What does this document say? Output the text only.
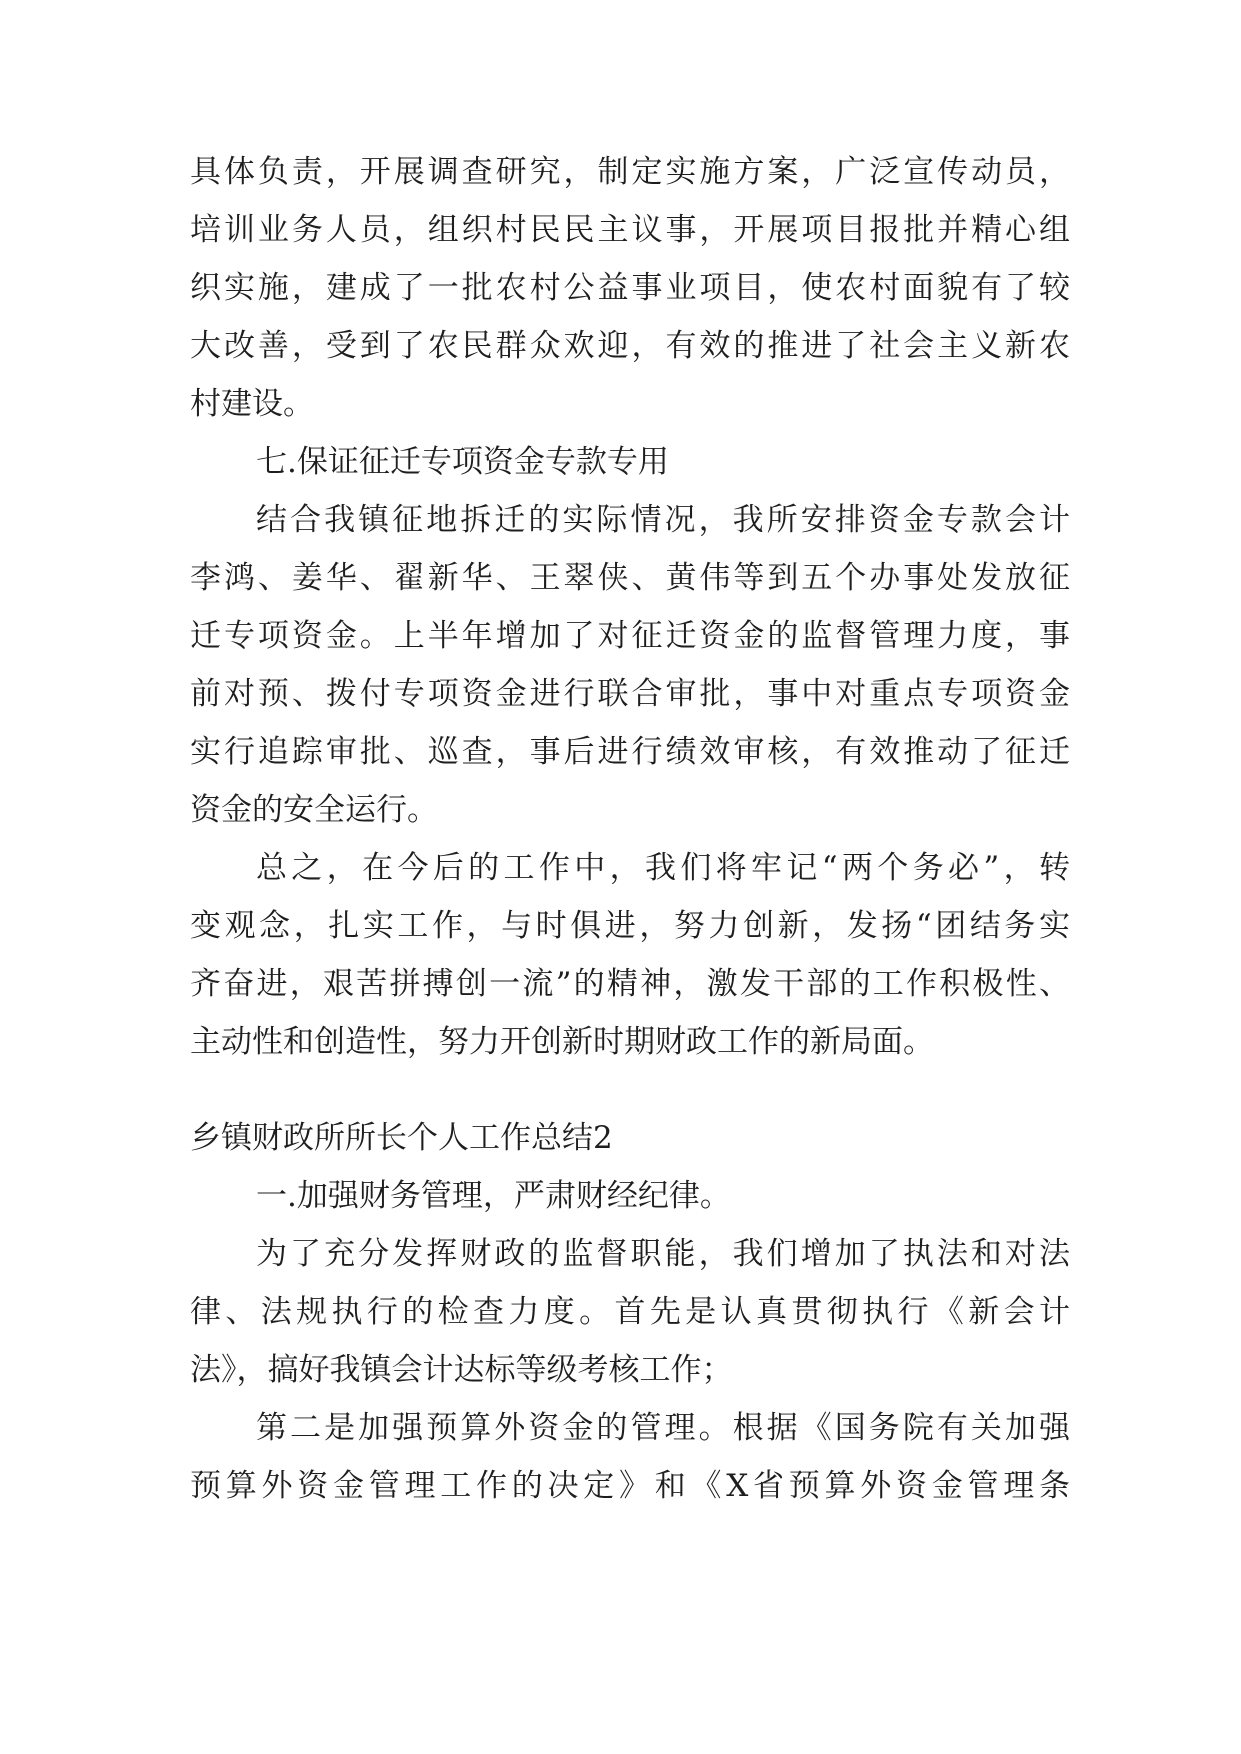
具体负责，开展调查研究，制定实施方案，广泛宣传动员，
培训业务人员，组织村民民主议事，开展项目报批并精心组
织实施，建成了一批农村公益事业项目，使农村面貌有了较
大改善，受到了农民群众欢迎，有效的推进了社会主义新农
村建设。
七.保证征迁专项资金专款专用
结合我镇征地拆迁的实际情况，我所安排资金专款会计
李鸿、姜华、翟新华、王翠侠、黄伟等到五个办事处发放征
迁专项资金。上半年增加了对征迁资金的监督管理力度，事
前对预、拨付专项资金进行联合审批，事中对重点专项资金
实行追踪审批、巡查，事后进行绩效审核，有效推动了征迁
资金的安全运行。
总之，在今后的工作中，我们将牢记“两个务必”，转
变观念，扎实工作，与时俱进，努力创新，发扬“团结务实
齐奋进，艰苦拼搏创一流”的精神，激发干部的工作积极性、
主动性和创造性，努力开创新时期财政工作的新局面。
乡镇财政所所长个人工作总结2
一.加强财务管理，严肃财经纪律。
为了充分发挥财政的监督职能，我们增加了执法和对法
律、法规执行的检查力度。首先是认真贯彻执行《新会计
法》，搞好我镇会计达标等级考核工作；
第二是加强预算外资金的管理。根据《国务院有关加强
预算外资金管理工作的决定》和《X省预算外资金管理条
